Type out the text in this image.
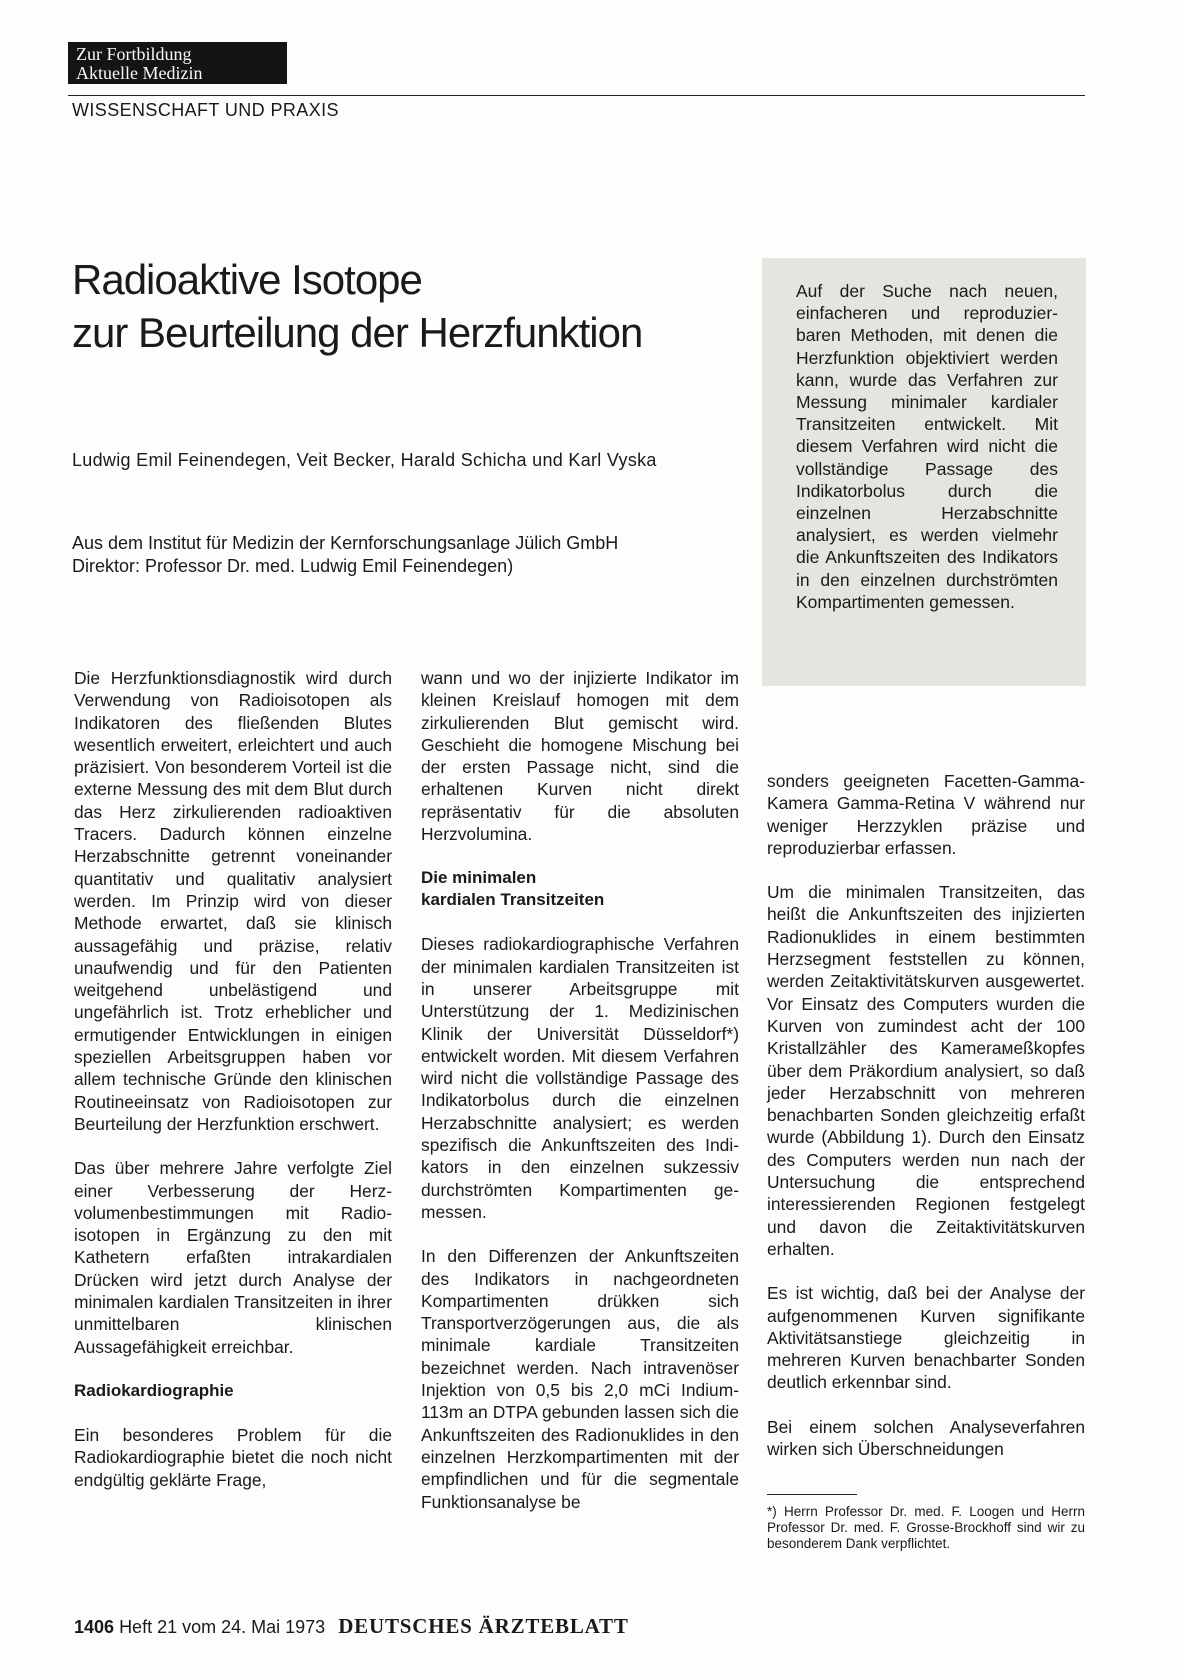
Zur Fortbildung
Aktuelle Medizin
WISSENSCHAFT UND PRAXIS
Radioaktive Isotope
zur Beurteilung der Herzfunktion
Ludwig Emil Feinendegen, Veit Becker, Harald Schicha und Karl Vyska
Aus dem Institut für Medizin der Kernforschungsanlage Jülich GmbH
Direktor: Professor Dr. med. Ludwig Emil Feinendegen)
Auf der Suche nach neuen, einfacheren und reproduzierbaren Methoden, mit denen die Herzfunktion objektiviert werden kann, wurde das Verfahren zur Messung minimaler kardialer Transitzeiten entwickelt. Mit diesem Verfahren wird nicht die vollständige Passage des Indikatorbolus durch die einzelnen Herzabschnitte analysiert, es werden vielmehr die Ankunftszeiten des Indikators in den einzelnen durchströmten Kompartimenten gemessen.

Die Herzfunktionsdiagnostik wird durch Verwendung von Radioisotopen als Indikatoren des fließenden Blutes wesentlich erweitert, erleichtert und auch präzisiert. Von besonderem Vorteil ist die externe Messung des mit dem Blut durch das Herz zirkulierenden radioaktiven Tracers. Dadurch können einzelne Herzabschnitte getrennt voneinander quantitativ und qualitativ analysiert werden. Im Prinzip wird von dieser Methode erwartet, daß sie klinisch aussagefähig und präzise, relativ unaufwendig und für den Patienten weitgehend unbelästigend und ungefährlich ist. Trotz erheblicher und ermutigender Entwicklungen in einigen speziellen Arbeitsgruppen haben vor allem technische Gründe den klinischen Routineeinsatz von Radioisotopen zur Beurteilung der Herzfunktion erschwert.

Das über mehrere Jahre verfolgte Ziel einer Verbesserung der Herzvolumenbestimmungen mit Radioisotopen in Ergänzung zu den mit Kathetern erfaßten intrakardialen Drücken wird jetzt durch Analyse der minimalen kardialen Transitzeiten in ihrer unmittelbaren klinischen Aussagefähigkeit erreichbar.

Radiokardiographie

Ein besonderes Problem für die Radiokardiographie bietet die noch nicht endgültig geklärte Frage,

wann und wo der injizierte Indikator im kleinen Kreislauf homogen mit dem zirkulierenden Blut gemischt wird. Geschieht die homogene Mischung bei der ersten Passage nicht, sind die erhaltenen Kurven nicht direkt repräsentativ für die absoluten Herzvolumina.

Die minimalen
kardialen Transitzeiten

Dieses radiokardiographische Verfahren der minimalen kardialen Transitzeiten ist in unserer Arbeitsgruppe mit Unterstützung der 1. Medizinischen Klinik der Universität Düsseldorf*) entwickelt worden. Mit diesem Verfahren wird nicht die vollständige Passage des Indikatorbolus durch die einzelnen Herzabschnitte analysiert; es werden spezifisch die Ankunftszeiten des Indikators in den einzelnen sukzessiv durchströmten Kompartimenten gemessen.

In den Differenzen der Ankunftszeiten des Indikators in nachgeordneten Kompartimenten drükken sich Transportverzögerungen aus, die als minimale kardiale Transitzeiten bezeichnet werden. Nach intravenöser Injektion von 0,5 bis 2,0 mCi Indium-113m an DTPA gebunden lassen sich die Ankunftszeiten des Radionuklides in den einzelnen Herzkompartimenten mit der empfindlichen und für die segmentale Funktionsanalyse be

sonders geeigneten Facetten-Gamma-Kamera Gamma-Retina V während nur weniger Herzzyklen präzise und reproduzierbar erfassen.

Um die minimalen Transitzeiten, das heißt die Ankunftszeiten des injizierten Radionuklides in einem bestimmten Herzsegment feststellen zu können, werden Zeitaktivitätskurven ausgewertet. Vor Einsatz des Computers wurden die Kurven von zumindest acht der 100 Kristallzähler des Kameraмeßkopfes über dem Präkordium analysiert, so daß jeder Herzabschnitt von mehreren benachbarten Sonden gleichzeitig erfaßt wurde (Abbildung 1). Durch den Einsatz des Computers werden nun nach der Untersuchung die entsprechend interessierenden Regionen festgelegt und davon die Zeitaktivitätskurven erhalten.

Es ist wichtig, daß bei der Analyse der aufgenommenen Kurven signifikante Aktivitätsanstiege gleichzeitig in mehreren Kurven benachbarter Sonden deutlich erkennbar sind.

Bei einem solchen Analyseverfahren wirken sich Überschneidungen

*) Herrn Professor Dr. med. F. Loogen und Herrn Professor Dr. med. F. Grosse-Brockhoff sind wir zu besonderem Dank verpflichtet.
1406 Heft 21 vom 24. Mai 1973 DEUTSCHES ÄRZTEBLATT
